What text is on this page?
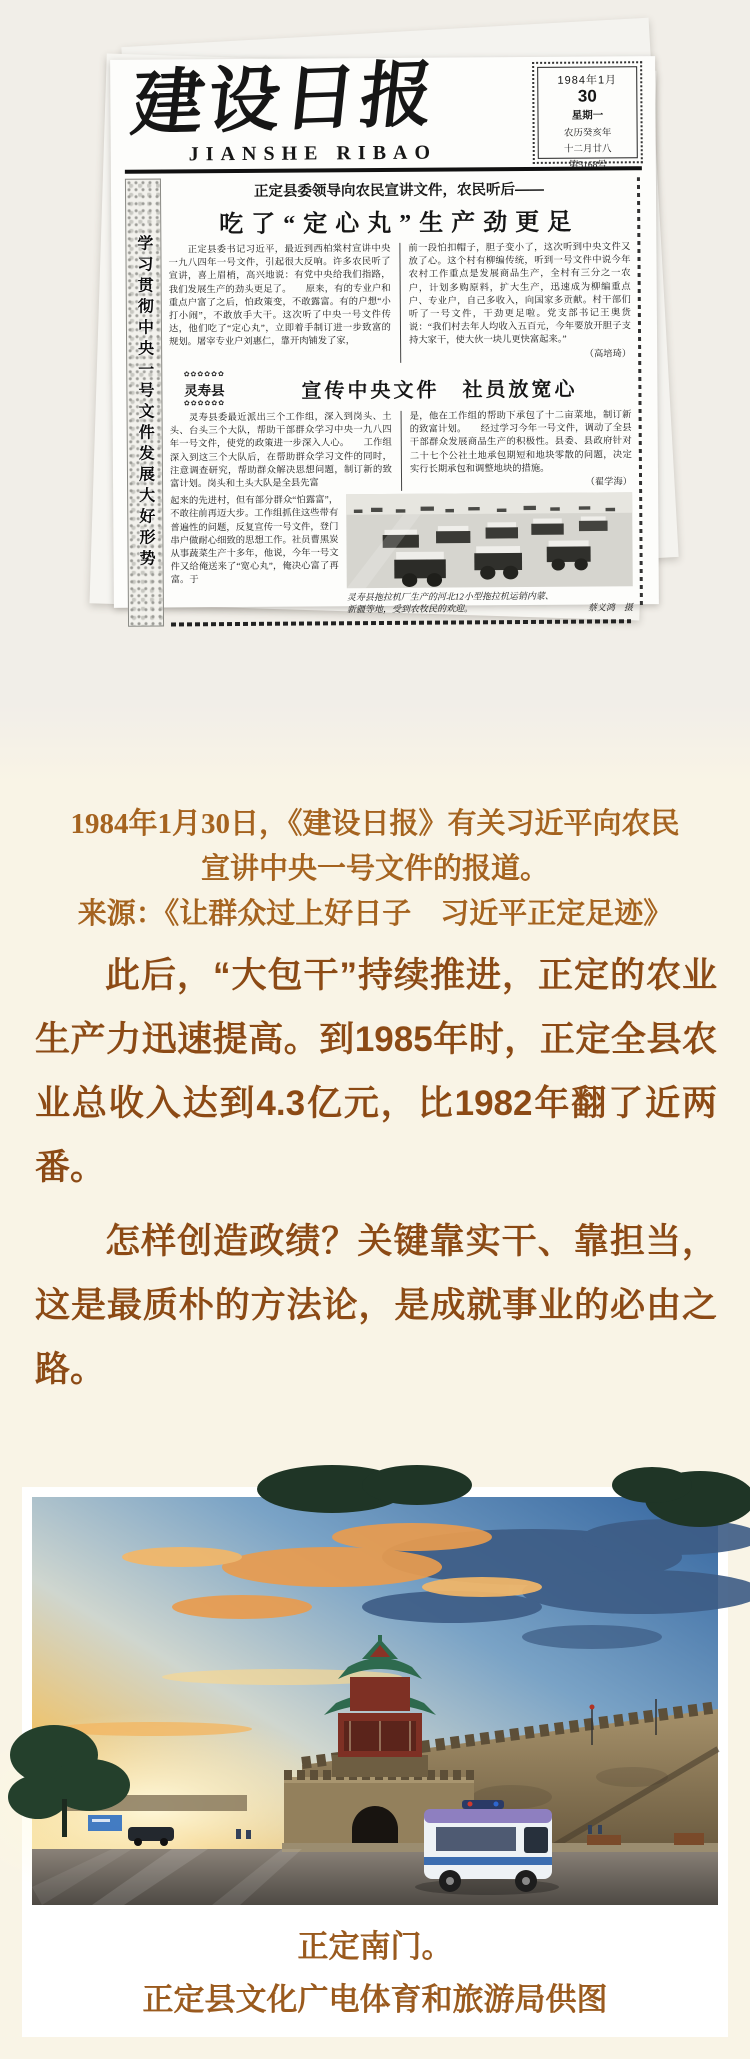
建设日报
JIANSHE RIBAO
1984年1月
30
星期一
农历癸亥年
十二月廿八
第5168号
学习贯彻中央一号文件发展大好形势
正定县委领导向农民宣讲文件，农民听后——
吃了“定心丸”生产劲更足
　　正定县委书记习近平，最近到西柏棠村宣讲中央一九八四年一号文件，引起很大反响。许多农民听了宣讲，喜上眉梢，高兴地说：有党中央给我们指路，我们发展生产的劲头更足了。　　原来，有的专业户和重点户富了之后，怕政策变，不敢露富。有的户想“小打小闹”，不敢放手大干。这次听了中央一号文件传达，他们吃了“定心丸”，立即着手制订进一步致富的规划。屠宰专业户刘惠仁，靠开肉铺发了家，
前一段怕扣帽子，胆子变小了，这次听到中央文件又放了心。这个村有柳编传统，听到一号文件中说今年农村工作重点是发展商品生产，全村有三分之一农户，计划多购原料，扩大生产，迅速成为柳编重点户、专业户，自己多收入，向国家多贡献。村干部们听了一号文件，干劲更足啦。党支部书记王奥货说：“我们村去年人均收入五百元，今年要放开胆子支持大家干，使大伙一块儿更快富起来。”
（高培琦）
✿✿✿✿✿✿
灵寿县
✿✿✿✿✿✿
宣传中央文件　社员放宽心
　　灵寿县委最近派出三个工作组，深入到岗头、土头、台头三个大队，帮助干部群众学习中央一九八四年一号文件，使党的政策进一步深入人心。　　工作组深入到这三个大队后，在帮助群众学习文件的同时，注意调查研究，帮助群众解决思想问题，制订新的致富计划。岗头和土头大队是全县先富
是，他在工作组的帮助下承包了十二亩菜地，制订新的致富计划。　　经过学习今年一号文件，调动了全县干部群众发展商品生产的积极性。县委、县政府针对二十七个公社土地承包期短和地块零散的问题，决定实行长期承包和调整地块的措施。
（翟学海）
起来的先进村，但有部分群众“怕露富”，不敢往前再迈大步。工作组抓住这些带有普遍性的问题，反复宣传一号文件，登门串户做耐心细致的思想工作。社员曹黑炭从事蔬菜生产十多年，他说，今年一号文件又给俺送来了“宽心丸”，俺决心富了再富。于
灵寿县拖拉机厂生产的河北12小型拖拉机运销内蒙、
新疆等地，受到农牧民的欢迎。	蔡义鸿　摄
1984年1月30日，《建设日报》有关习近平向农民
宣讲中央一号文件的报道。
来源：《让群众过上好日子　习近平正定足迹》

此后，“大包干”持续推进，正定的农业生产力迅速提高。到1985年时，正定全县农业总收入达到4.3亿元，比1982年翻了近两番。

怎样创造政绩？关键靠实干、靠担当，这是最质朴的方法论，是成就事业的必由之路。

正定南门。
正定县文化广电体育和旅游局供图
